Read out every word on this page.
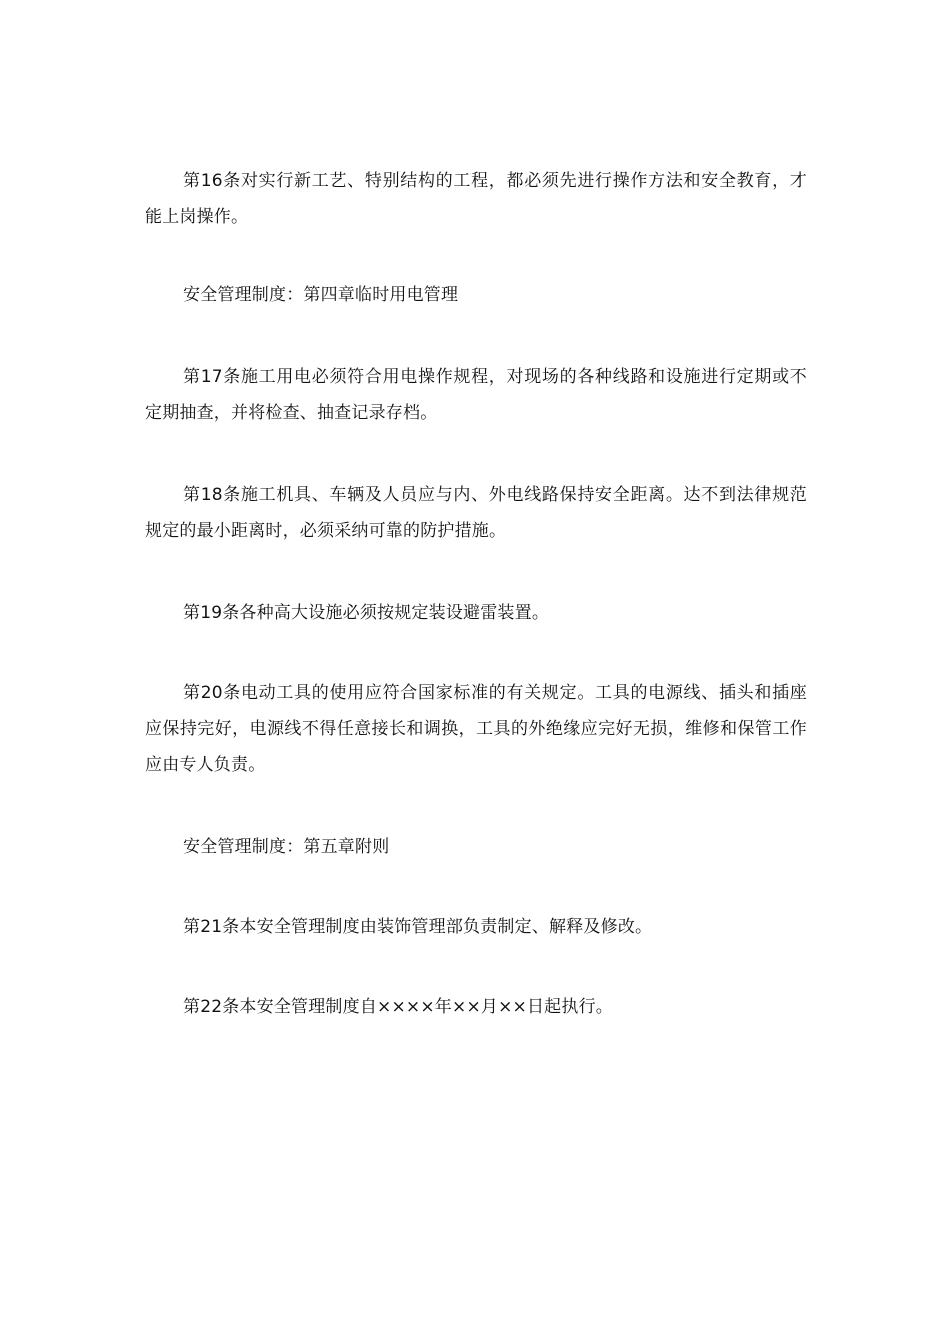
第16条对实行新工艺、特别结构的工程，都必须先进行操作方法和安全教育，才能上岗操作。

安全管理制度：第四章临时用电管理

第17条施工用电必须符合用电操作规程，对现场的各种线路和设施进行定期或不定期抽查，并将检查、抽查记录存档。

第18条施工机具、车辆及人员应与内、外电线路保持安全距离。达不到法律规范规定的最小距离时，必须采纳可靠的防护措施。

第19条各种高大设施必须按规定装设避雷装置。

第20条电动工具的使用应符合国家标准的有关规定。工具的电源线、插头和插座应保持完好，电源线不得任意接长和调换，工具的外绝缘应完好无损，维修和保管工作应由专人负责。

安全管理制度：第五章附则

第21条本安全管理制度由装饰管理部负责制定、解释及修改。

第22条本安全管理制度自××××年××月××日起执行。
